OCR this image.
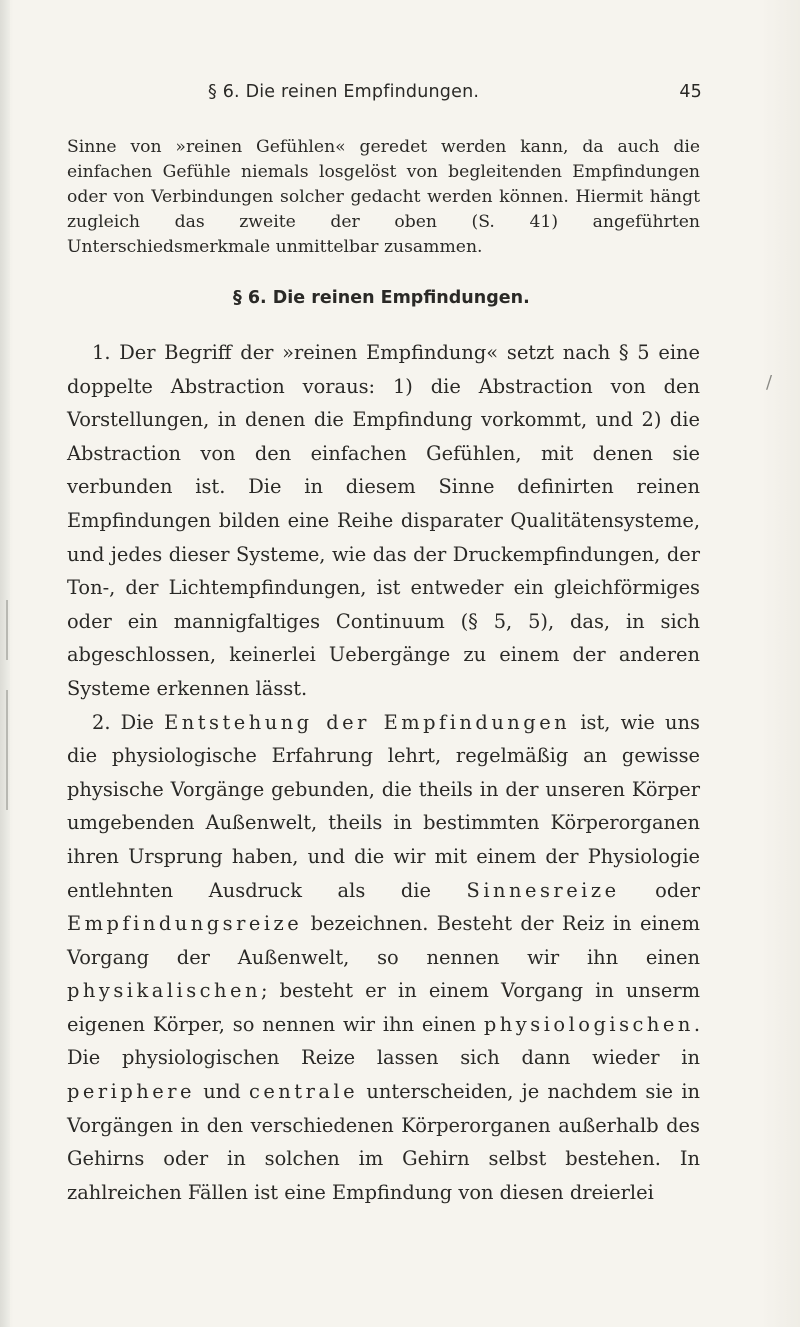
§ 6. Die reinen Empfindungen.	45

Sinne von »reinen Gefühlen« geredet werden kann, da auch die einfachen Gefühle niemals losgelöst von begleitenden Empfindungen oder von Verbindungen solcher gedacht werden können. Hiermit hängt zugleich das zweite der oben (S. 41) angeführten Unterschiedsmerkmale unmittelbar zusammen.

§ 6. Die reinen Empfindungen.
/

1. Der Begriff der »reinen Empfindung« setzt nach § 5 eine doppelte Abstraction voraus: 1) die Abstraction von den Vorstellungen, in denen die Empfindung vorkommt, und 2) die Abstraction von den einfachen Gefühlen, mit denen sie verbunden ist. Die in diesem Sinne definirten reinen Empfindungen bilden eine Reihe disparater Qualitätensysteme, und jedes dieser Systeme, wie das der Druckempfindungen, der Ton-, der Lichtempfindungen, ist entweder ein gleichförmiges oder ein mannigfaltiges Continuum (§ 5, 5), das, in sich abgeschlossen, keinerlei Uebergänge zu einem der anderen Systeme erkennen lässt.

2. Die Entstehung der Empfindungen ist, wie uns die physiologische Erfahrung lehrt, regelmäßig an gewisse physische Vorgänge gebunden, die theils in der unseren Körper umgebenden Außenwelt, theils in bestimmten Körperorganen ihren Ursprung haben, und die wir mit einem der Physiologie entlehnten Ausdruck als die Sinnesreize oder Empfindungsreize bezeichnen. Besteht der Reiz in einem Vorgang der Außenwelt, so nennen wir ihn einen physikalischen; besteht er in einem Vorgang in unserm eigenen Körper, so nennen wir ihn einen physiologischen. Die physiologischen Reize lassen sich dann wieder in periphere und centrale unterscheiden, je nachdem sie in Vorgängen in den verschiedenen Körperorganen außerhalb des Gehirns oder in solchen im Gehirn selbst bestehen. In zahlreichen Fällen ist eine Empfindung von diesen dreierlei
